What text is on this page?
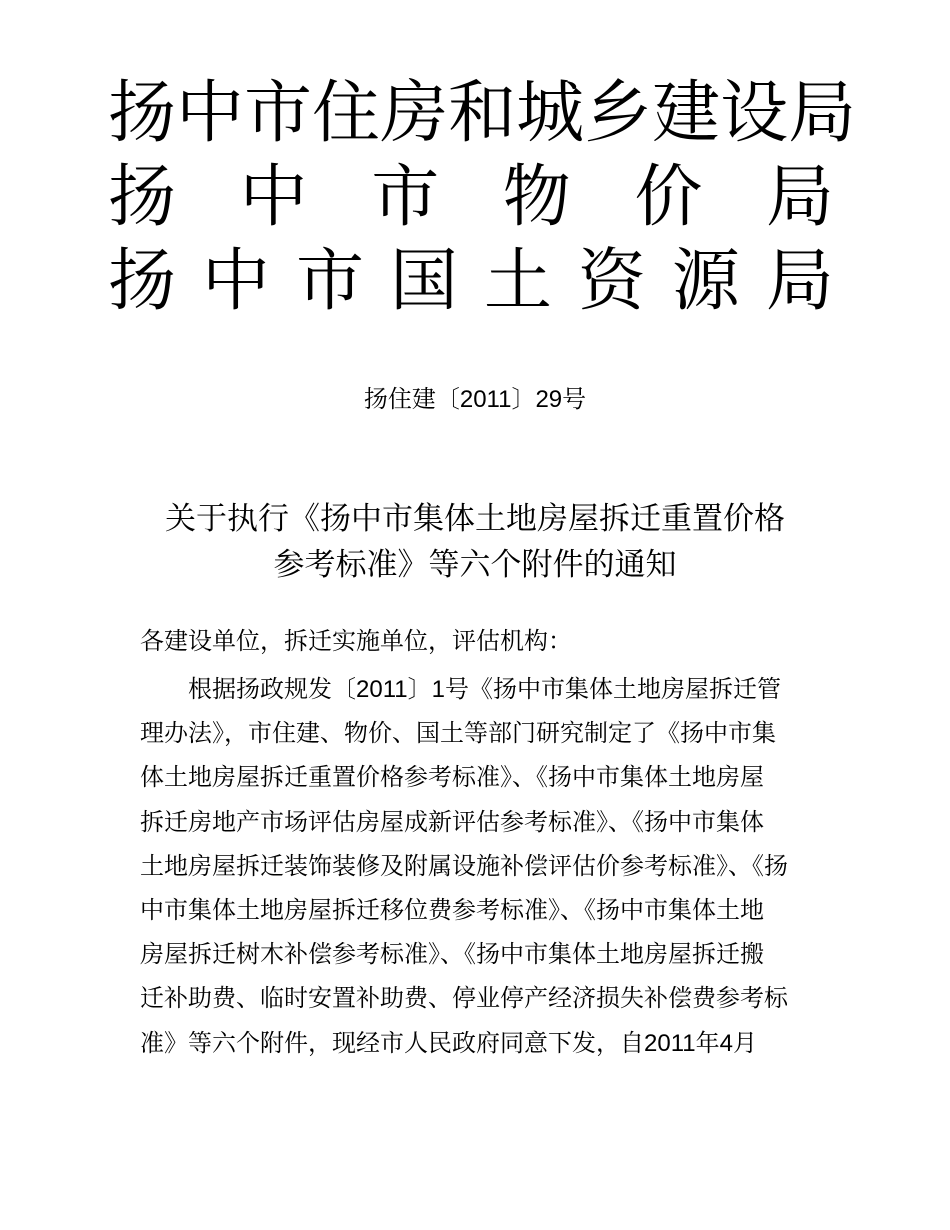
扬 中 市 住 房 和 城 乡 建 设 局
扬 中 市 物 价 局
扬 中 市 国 土 资 源 局
扬住建〔2011〕29号
关于执行《扬中市集体土地房屋拆迁重置价格
参考标准》等六个附件的通知
各建设单位，拆迁实施单位，评估机构：
根据扬政规发〔2011〕1号《扬中市集体土地房屋拆迁管
理办法》，市住建、物价、国土等部门研究制定了《扬中市集
体土地房屋拆迁重置价格参考标准》、《扬中市集体土地房屋
拆迁房地产市场评估房屋成新评估参考标准》、《扬中市集体
土地房屋拆迁装饰装修及附属设施补偿评估价参考标准》、《扬
中市集体土地房屋拆迁移位费参考标准》、《扬中市集体土地
房屋拆迁树木补偿参考标准》、《扬中市集体土地房屋拆迁搬
迁补助费、临时安置补助费、停业停产经济损失补偿费参考标
准》等六个附件，现经市人民政府同意下发，自2011年4月
